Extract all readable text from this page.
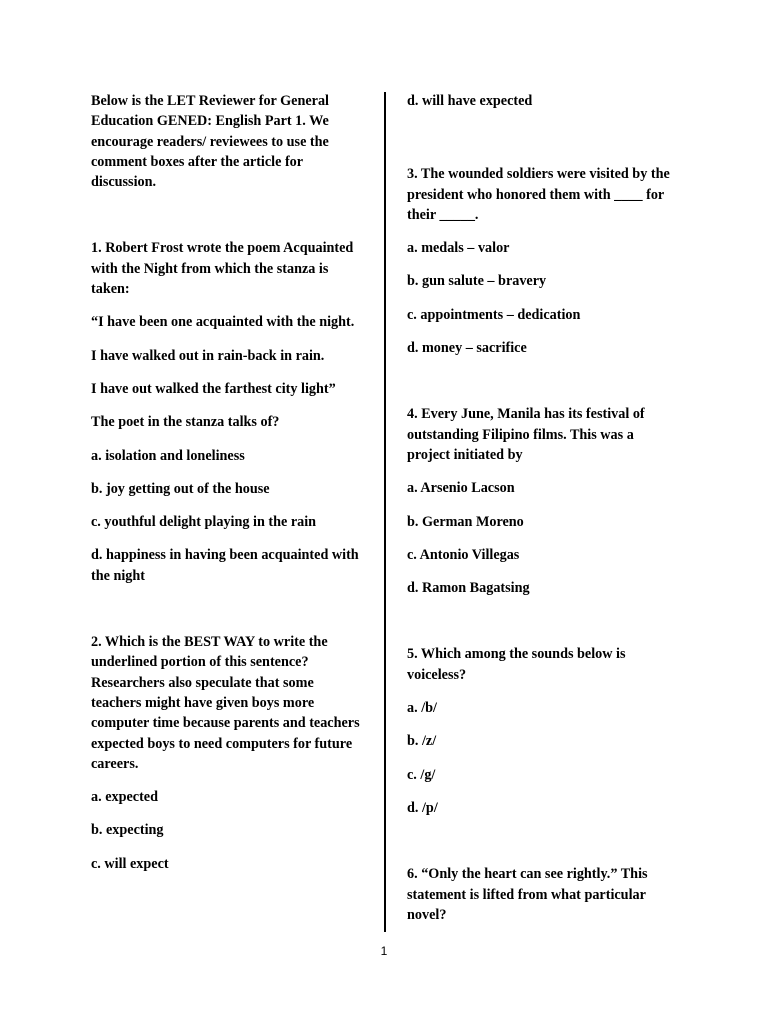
Below is the LET Reviewer for General Education GENED: English Part 1. We encourage readers/ reviewees to use the comment boxes after the article for discussion.

1. Robert Frost wrote the poem Acquainted with the Night from which the stanza is taken:

“I have been one acquainted with the night.

I have walked out in rain-back in rain.

I have out walked the farthest city light”

The poet in the stanza talks of?

a. isolation and loneliness

b. joy getting out of the house

c. youthful delight playing in the rain

d. happiness in having been acquainted with the night

2. Which is the BEST WAY to write the underlined portion of this sentence? Researchers also speculate that some teachers might have given boys more computer time because parents and teachers expected boys to need computers for future careers.

a. expected

b. expecting

c. will expect

d. will have expected

3. The wounded soldiers were visited by the president who honored them with ____ for their _____.

a. medals – valor

b. gun salute – bravery

c. appointments – dedication

d. money – sacrifice

4. Every June, Manila has its festival of outstanding Filipino films. This was a project initiated by

a. Arsenio Lacson

b. German Moreno

c. Antonio Villegas

d. Ramon Bagatsing

5. Which among the sounds below is voiceless?

a. /b/

b. /z/

c. /g/

d. /p/

6. “Only the heart can see rightly.” This statement is lifted from what particular novel?

1
